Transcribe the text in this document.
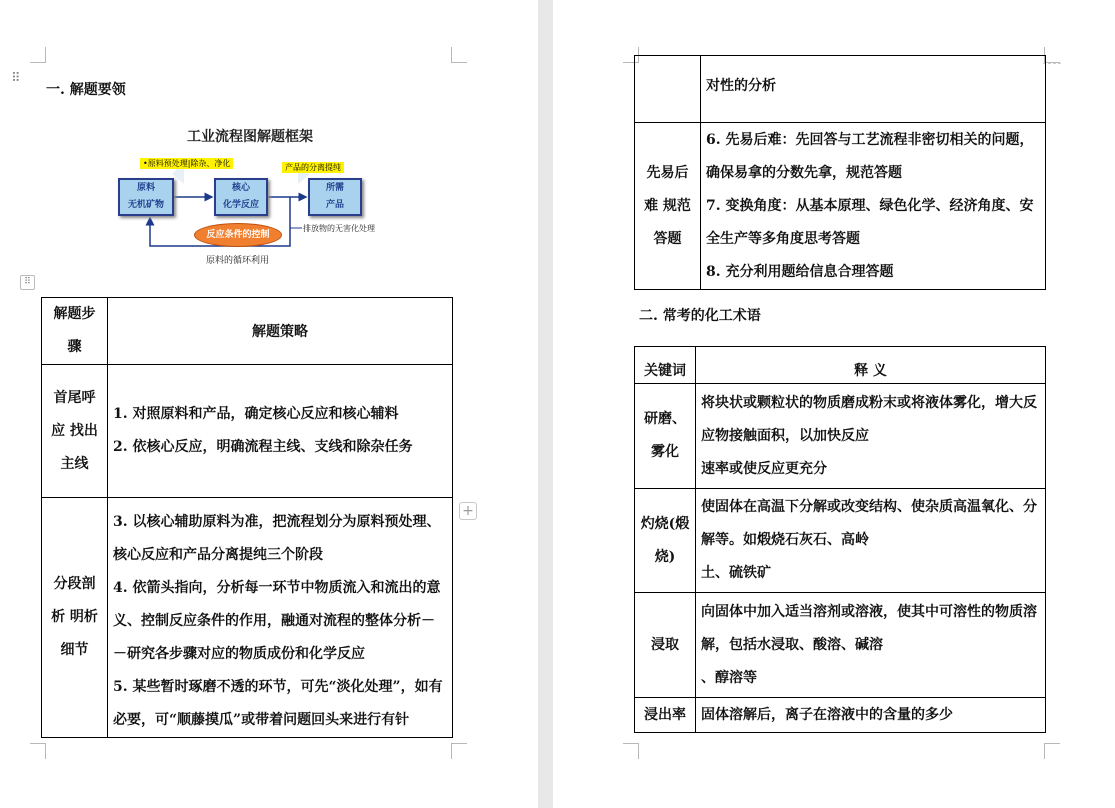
⠿
一. 解题要领
工业流程图解题框架
•原料预处理|除杂、净化	产品的分离提纯
原料
无机矿物
核心
化学反应
所需
产品
反应条件的控制
排放物的无害化处理
原料的循环利用
⠿
解题步骤	解题策略

首尾呼应 找出主线	1. 对照原料和产品，确定核心反应和核心辅料

2. 依核心反应，明确流程主线、支线和除杂任务

分段剖析 明析细节	3. 以核心辅助原料为准，把流程划分为原料预处理、核心反应和产品分离提纯三个阶段

4. 依箭头指向，分析每一环节中物质流入和流出的意义、控制反应条件的作用，融通对流程的整体分析－－研究各步骤对应的物质成份和化学反应

5. 某些暂时琢磨不透的环节，可先“淡化处理”，如有必要，可“顺藤摸瓜”或带着问题回头来进行有针

+

	对性的分析

先易后难 规范答题	6. 先易后难：先回答与工艺流程非密切相关的问题，确保易拿的分数先拿，规范答题

7. 变换角度：从基本原理、绿色化学、经济角度、安全生产等多角度思考答题

8. 充分利用题给信息合理答题

二. 常考的化工术语
关键词	释 义

研磨、雾化	将块状或颗粒状的物质磨成粉末或将液体雾化，增大反应物接触面积，以加快反应

速率或使反应更充分

灼烧(煅烧)	使固体在高温下分解或改变结构、使杂质高温氧化、分解等。如煅烧石灰石、高岭

土、硫铁矿

浸取	向固体中加入适当溶剂或溶液，使其中可溶性的物质溶解，包括水浸取、酸溶、碱溶

、醇溶等

浸出率	固体溶解后，离子在溶液中的含量的多少
